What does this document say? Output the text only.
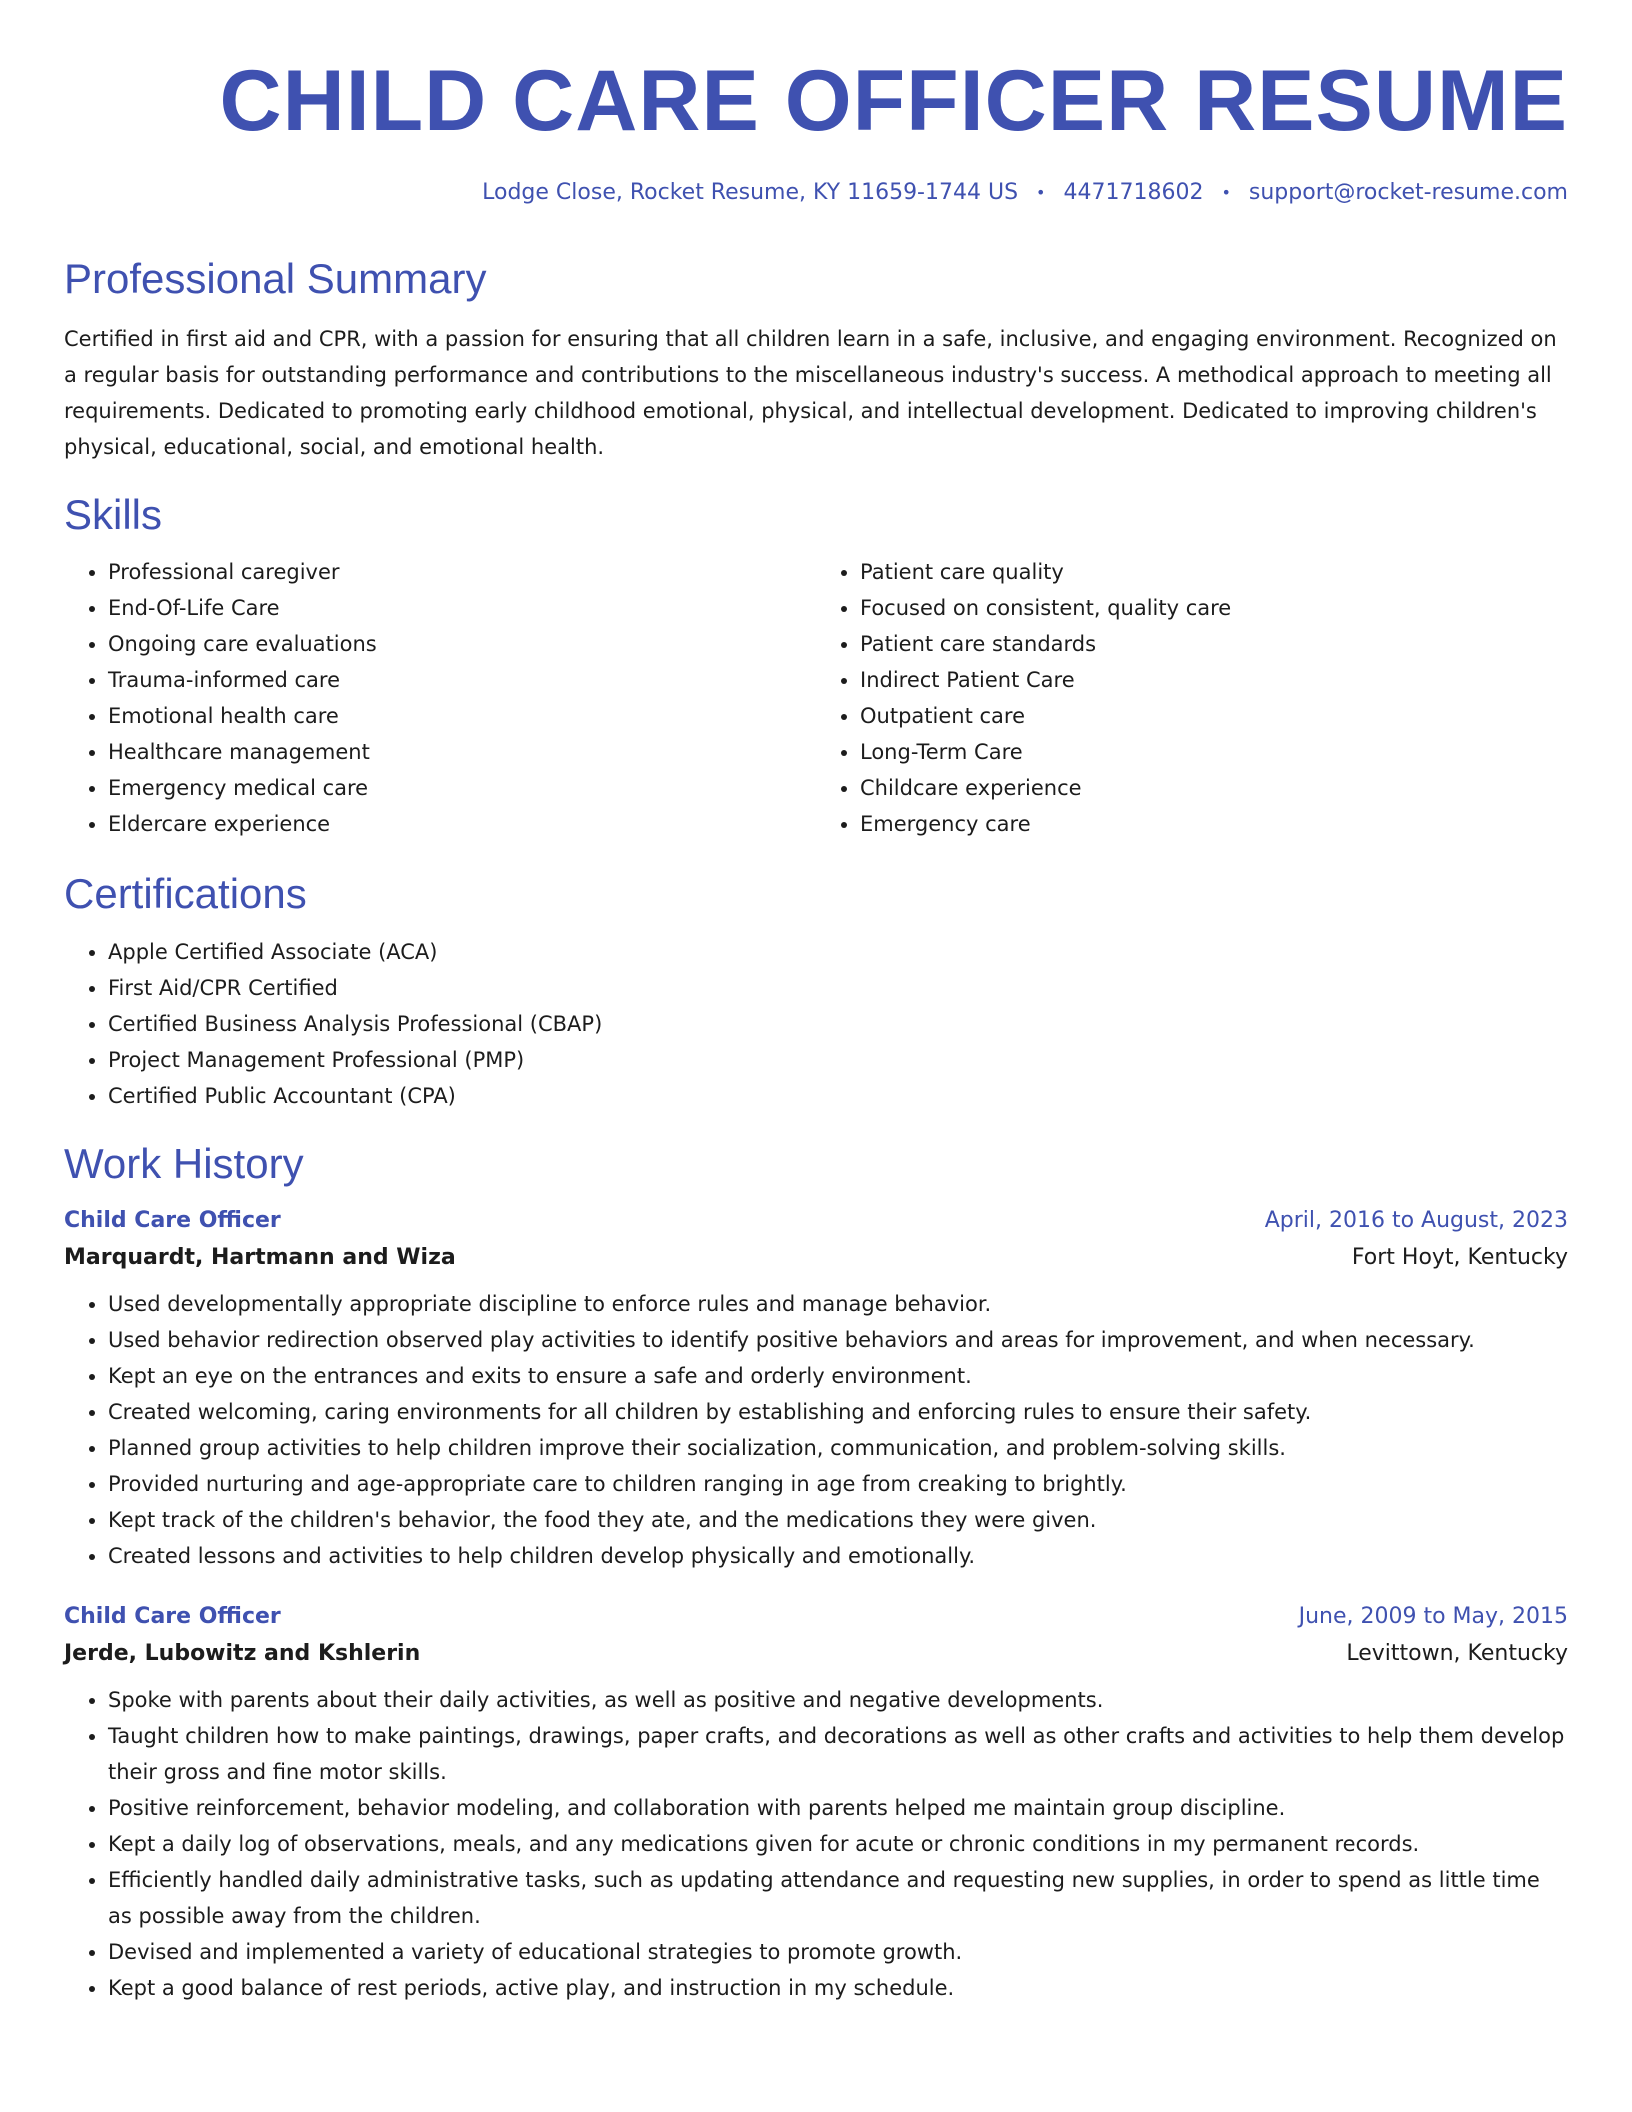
CHILD CARE OFFICER RESUME
Lodge Close, Rocket Resume, KY 11659-1744 US • 4471718602 • support@rocket-resume.com
Professional Summary
Certified in first aid and CPR, with a passion for ensuring that all children learn in a safe, inclusive, and engaging environment. Recognized on a regular basis for outstanding performance and contributions to the miscellaneous industry's success. A methodical approach to meeting all requirements. Dedicated to promoting early childhood emotional, physical, and intellectual development. Dedicated to improving children's physical, educational, social, and emotional health.
Skills
• Professional caregiver
• End-Of-Life Care
• Ongoing care evaluations
• Trauma-informed care
• Emotional health care
• Healthcare management
• Emergency medical care
• Eldercare experience
• Patient care quality
• Focused on consistent, quality care
• Patient care standards
• Indirect Patient Care
• Outpatient care
• Long-Term Care
• Childcare experience
• Emergency care
Certifications
• Apple Certified Associate (ACA)
• First Aid/CPR Certified
• Certified Business Analysis Professional (CBAP)
• Project Management Professional (PMP)
• Certified Public Accountant (CPA)
Work History
Child Care Officer	April, 2016 to August, 2023
Marquardt, Hartmann and Wiza	Fort Hoyt, Kentucky
• Used developmentally appropriate discipline to enforce rules and manage behavior.
• Used behavior redirection observed play activities to identify positive behaviors and areas for improvement, and when necessary.
• Kept an eye on the entrances and exits to ensure a safe and orderly environment.
• Created welcoming, caring environments for all children by establishing and enforcing rules to ensure their safety.
• Planned group activities to help children improve their socialization, communication, and problem-solving skills.
• Provided nurturing and age-appropriate care to children ranging in age from creaking to brightly.
• Kept track of the children's behavior, the food they ate, and the medications they were given.
• Created lessons and activities to help children develop physically and emotionally.
Child Care Officer	June, 2009 to May, 2015
Jerde, Lubowitz and Kshlerin	Levittown, Kentucky
• Spoke with parents about their daily activities, as well as positive and negative developments.
• Taught children how to make paintings, drawings, paper crafts, and decorations as well as other crafts and activities to help them develop their gross and fine motor skills.
• Positive reinforcement, behavior modeling, and collaboration with parents helped me maintain group discipline.
• Kept a daily log of observations, meals, and any medications given for acute or chronic conditions in my permanent records.
• Efficiently handled daily administrative tasks, such as updating attendance and requesting new supplies, in order to spend as little time as possible away from the children.
• Devised and implemented a variety of educational strategies to promote growth.
• Kept a good balance of rest periods, active play, and instruction in my schedule.
